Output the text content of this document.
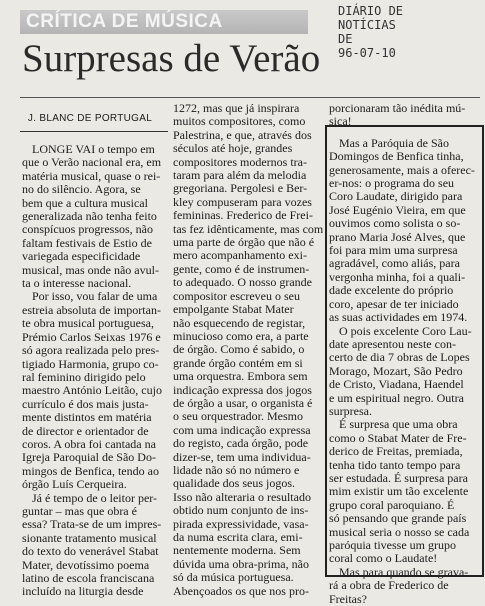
CRÍTICA DE MÚSICA
Surpresas de Verão
DIÁRIO DE
NOTÍCIAS
DE
96-07-10
J. BLANC DE PORTUGAL
LONGE VAI o tempo em
que o Verão nacional era, em
matéria musical, quase o rei-
no do silêncio. Agora, se
bem que a cultura musical
generalizada não tenha feito
conspícuos progressos, não
faltam festivais de Estio de
variegada especificidade
musical, mas onde não avul-
ta o interesse nacional.
Por isso, vou falar de uma
estreia absoluta de importan-
te obra musical portuguesa,
Prémio Carlos Seixas 1976 e
só agora realizada pelo pres-
tigiado Harmonia, grupo co-
ral feminino dirigido pelo
maestro António Leitão, cujo
currículo é dos mais justa-
mente distintos em matéria
de director e orientador de
coros. A obra foi cantada na
Igreja Paroquial de São Do-
mingos de Benfica, tendo ao
órgão Luís Cerqueira.
Já é tempo de o leitor per-
guntar – mas que obra é
essa? Trata-se de um impres-
sionante tratamento musical
do texto do venerável Stabat
Mater, devotíssimo poema
latino de escola franciscana
incluído na liturgia desde
1272, mas que já inspirara
muitos compositores, como
Palestrina, e que, através dos
séculos até hoje, grandes
compositores modernos tra-
taram para além da melodia
gregoriana. Pergolesi e Ber-
kley compuseram para vozes
femininas. Frederico de Frei-
tas fez idênticamente, mas com
uma parte de órgão que não é
mero acompanhamento exi-
gente, como é de instrumen-
to adequado. O nosso grande
compositor escreveu o seu
empolgante Stabat Mater
não esquecendo de registar,
minucioso como era, a parte
de órgão. Como é sabido, o
grande órgão contém em si
uma orquestra. Embora sem
indicação expressa dos jogos
de órgão a usar, o organista é
o seu orquestrador. Mesmo
com uma indicação expressa
do registo, cada órgão, pode
dizer-se, tem uma individua-
lidade não só no número e
qualidade dos seus jogos.
Isso não alteraria o resultado
obtido num conjunto de ins-
pirada expressividade, vasa-
da numa escrita clara, emi-
nentemente moderna. Sem
dúvida uma obra-prima, não
só da música portuguesa.
Abençoados os que nos pro-
porcionaram tão inédita mú-
sica!
Mas a Paróquia de São
Domingos de Benfica tinha,
generosamente, mais a oferec-
er-nos: o programa do seu
Coro Laudate, dirigido para
José Eugénio Vieira, em que
ouvimos como solista o so-
prano Maria José Alves, que
foi para mim uma surpresa
agradável, como aliás, para
vergonha minha, foi a quali-
dade excelente do próprio
coro, apesar de ter iniciado
as suas actividades em 1974.
O pois excelente Coro Lau-
date apresentou neste con-
certo de dia 7 obras de Lopes
Morago, Mozart, São Pedro
de Cristo, Viadana, Haendel
e um espiritual negro. Outra
surpresa.
É surpresa que uma obra
como o Stabat Mater de Fre-
derico de Freitas, premiada,
tenha tido tanto tempo para
ser estudada. É surpresa para
mim existir um tão excelente
grupo coral paroquiano. É
só pensando que grande país
musical seria o nosso se cada
paróquia tivesse um grupo
coral como o Laudate!
Mas para quando se grava-
rá a obra de Frederico de
Freitas?
